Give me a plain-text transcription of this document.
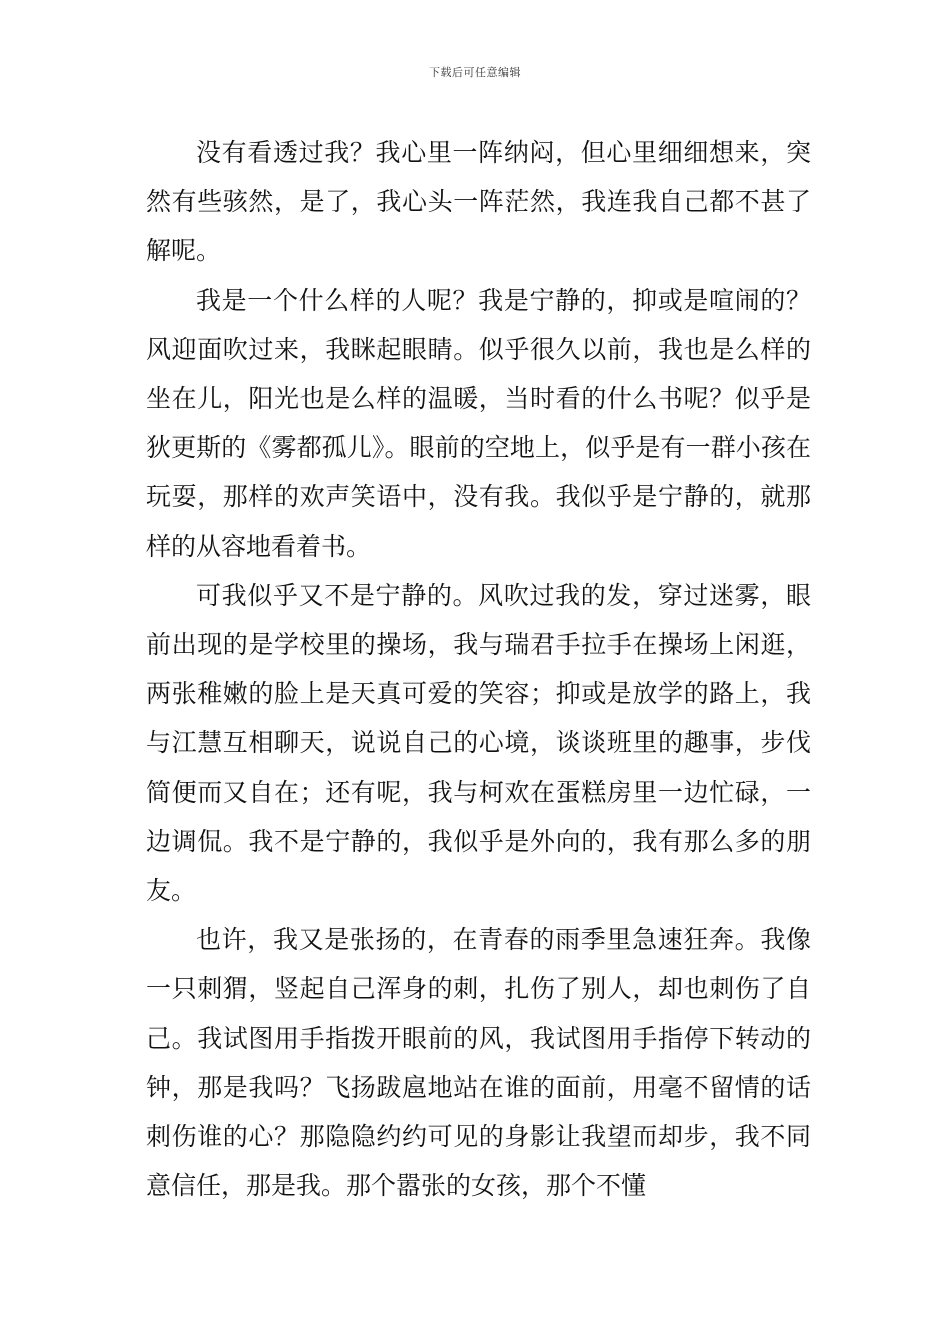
下载后可任意编辑

没有看透过我？我心里一阵纳闷，但心里细细想来，突然有些骇然，是了，我心头一阵茫然，我连我自己都不甚了解呢。

我是一个什么样的人呢？我是宁静的，抑或是喧闹的？风迎面吹过来，我眯起眼睛。似乎很久以前，我也是么样的坐在儿，阳光也是么样的温暖，当时看的什么书呢？似乎是狄更斯的《雾都孤儿》。眼前的空地上，似乎是有一群小孩在玩耍，那样的欢声笑语中，没有我。我似乎是宁静的，就那样的从容地看着书。

可我似乎又不是宁静的。风吹过我的发，穿过迷雾，眼前出现的是学校里的操场，我与瑞君手拉手在操场上闲逛，两张稚嫩的脸上是天真可爱的笑容；抑或是放学的路上，我与江慧互相聊天，说说自己的心境，谈谈班里的趣事，步伐简便而又自在；还有呢，我与柯欢在蛋糕房里一边忙碌，一边调侃。我不是宁静的，我似乎是外向的，我有那么多的朋友。

也许，我又是张扬的，在青春的雨季里急速狂奔。我像一只刺猬，竖起自己浑身的刺，扎伤了别人，却也刺伤了自己。我试图用手指拨开眼前的风，我试图用手指停下转动的钟，那是我吗？飞扬跋扈地站在谁的面前，用毫不留情的话刺伤谁的心？那隐隐约约可见的身影让我望而却步，我不同意信任，那是我。那个嚣张的女孩，那个不懂
